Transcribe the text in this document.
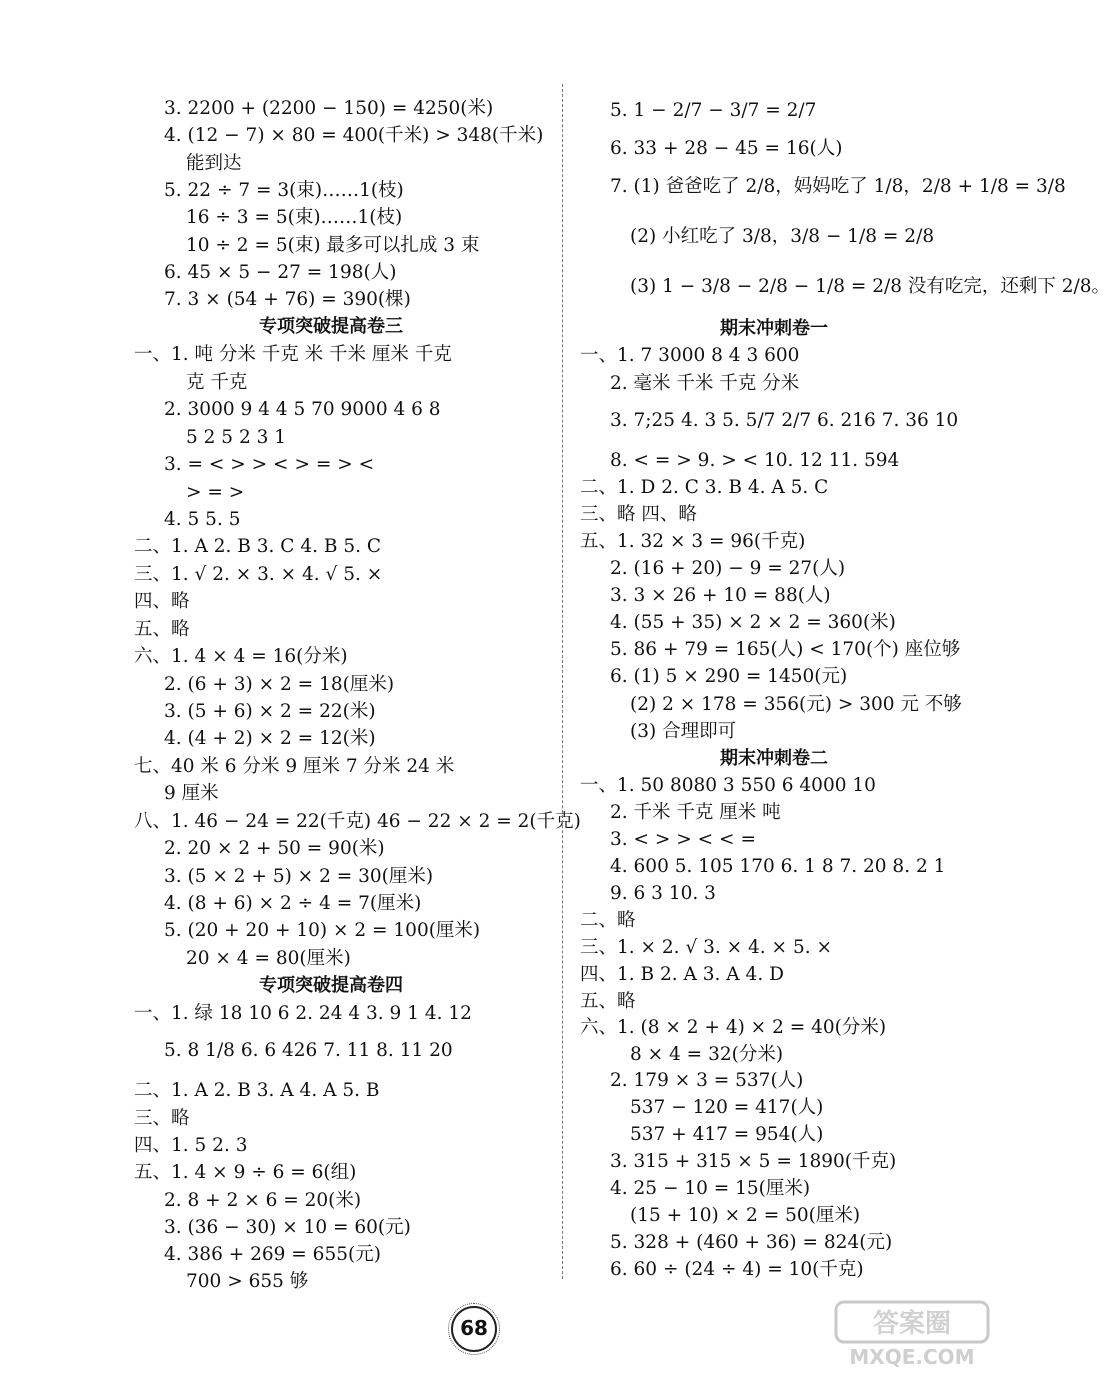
3. 2200 + (2200 − 150) = 4250(米)
4. (12 − 7) × 80 = 400(千米) > 348(千米)
能到达
5. 22 ÷ 7 = 3(束)……1(枝)
16 ÷ 3 = 5(束)……1(枝)
10 ÷ 2 = 5(束) 最多可以扎成 3 束
6. 45 × 5 − 27 = 198(人)
7. 3 × (54 + 76) = 390(棵)
专项突破提高卷三
一、1. 吨 分米 千克 米 千米 厘米 千克
克 千克
2. 3000 9 4 4 5 70 9000 4 6 8
5 2 5 2 3 1
3. = < > > < > = > <
> = >
4. 5 5. 5
二、1. A 2. B 3. C 4. B 5. C
三、1. √ 2. × 3. × 4. √ 5. ×
四、略
五、略
六、1. 4 × 4 = 16(分米)
2. (6 + 3) × 2 = 18(厘米)
3. (5 + 6) × 2 = 22(米)
4. (4 + 2) × 2 = 12(米)
七、40 米 6 分米 9 厘米 7 分米 24 米
9 厘米
八、1. 46 − 24 = 22(千克) 46 − 22 × 2 = 2(千克)
2. 20 × 2 + 50 = 90(米)
3. (5 × 2 + 5) × 2 = 30(厘米)
4. (8 + 6) × 2 ÷ 4 = 7(厘米)
5. (20 + 20 + 10) × 2 = 100(厘米)
20 × 4 = 80(厘米)
专项突破提高卷四
一、1. 绿 18 10 6 2. 24 4 3. 9 1 4. 12
5. 8 1/8 6. 6 426 7. 11 8. 11 20
二、1. A 2. B 3. A 4. A 5. B
三、略
四、1. 5 2. 3
五、1. 4 × 9 ÷ 6 = 6(组)
2. 8 + 2 × 6 = 20(米)
3. (36 − 30) × 10 = 60(元)
4. 386 + 269 = 655(元)
700 > 655 够
5. 1 − 2/7 − 3/7 = 2/7
6. 33 + 28 − 45 = 16(人)
7. (1) 爸爸吃了 2/8，妈妈吃了 1/8，2/8 + 1/8 = 3/8
(2) 小红吃了 3/8，3/8 − 1/8 = 2/8
(3) 1 − 3/8 − 2/8 − 1/8 = 2/8 没有吃完，还剩下 2/8。
期末冲刺卷一
一、1. 7 3000 8 4 3 600
2. 毫米 千米 千克 分米
3. 7;25 4. 3 5. 5/7 2/7 6. 216 7. 36 10
8. < = > 9. > < 10. 12 11. 594
二、1. D 2. C 3. B 4. A 5. C
三、略 四、略
五、1. 32 × 3 = 96(千克)
2. (16 + 20) − 9 = 27(人)
3. 3 × 26 + 10 = 88(人)
4. (55 + 35) × 2 × 2 = 360(米)
5. 86 + 79 = 165(人) < 170(个) 座位够
6. (1) 5 × 290 = 1450(元)
(2) 2 × 178 = 356(元) > 300 元 不够
(3) 合理即可
期末冲刺卷二
一、1. 50 8080 3 550 6 4000 10
2. 千米 千克 厘米 吨
3. < > > < < =
4. 600 5. 105 170 6. 1 8 7. 20 8. 2 1
9. 6 3 10. 3
二、略
三、1. × 2. √ 3. × 4. × 5. ×
四、1. B 2. A 3. A 4. D
五、略
六、1. (8 × 2 + 4) × 2 = 40(分米)
8 × 4 = 32(分米)
2. 179 × 3 = 537(人)
537 − 120 = 417(人)
537 + 417 = 954(人)
3. 315 + 315 × 5 = 1890(千克)
4. 25 − 10 = 15(厘米)
(15 + 10) × 2 = 50(厘米)
5. 328 + (460 + 36) = 824(元)
6. 60 ÷ (24 ÷ 4) = 10(千克)
68	答案圈
MXQE.COM
